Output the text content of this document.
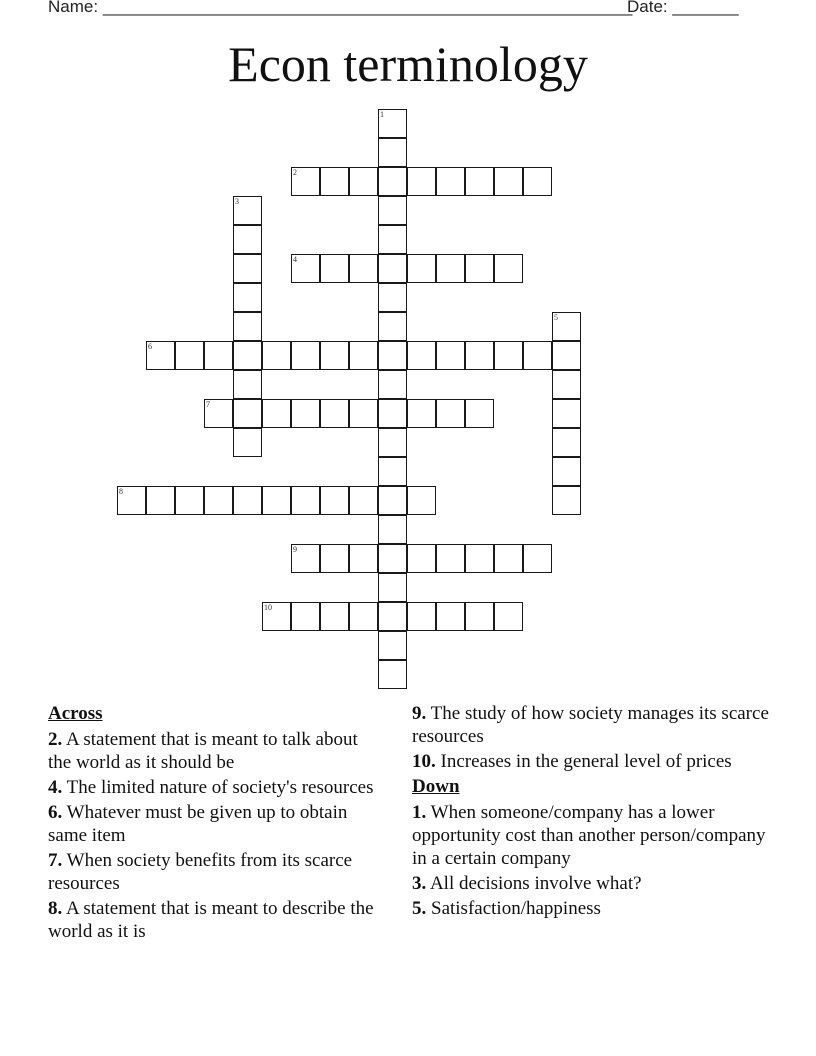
Name: ________________________________________________________
Date: _______
Econ terminology
1
2
3
4
5
6
7
8
9
10
Across
2. A statement that is meant to talk about the world as it should be
4. The limited nature of society's resources
6. Whatever must be given up to obtain same item
7. When society benefits from its scarce resources
8. A statement that is meant to describe the world as it is
9. The study of how society manages its scarce resources
10. Increases in the general level of prices
Down
1. When someone/company has a lower opportunity cost than another person/company in a certain company
3. All decisions involve what?
5. Satisfaction/happiness
